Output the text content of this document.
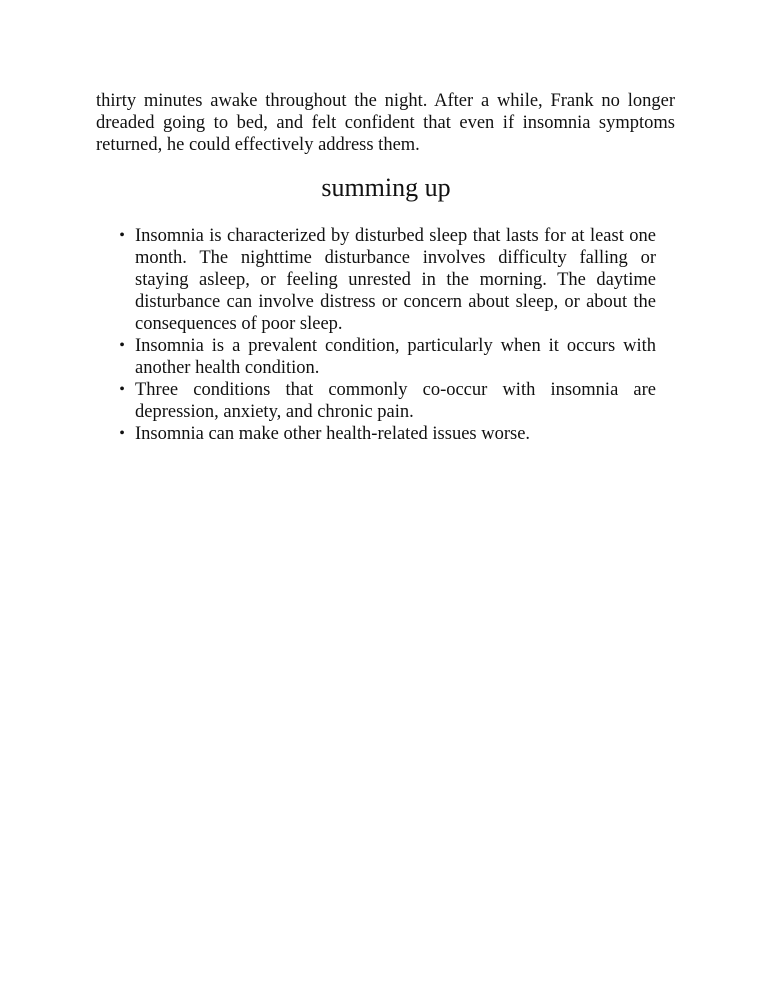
thirty minutes awake throughout the night. After a while, Frank no longer dreaded going to bed, and felt confident that even if insomnia symptoms returned, he could effectively address them.

summing up
• Insomnia is characterized by disturbed sleep that lasts for at least one month. The nighttime disturbance involves difficulty falling or staying asleep, or feeling unrested in the morning. The daytime disturbance can involve distress or concern about sleep, or about the consequences of poor sleep.
• Insomnia is a prevalent condition, particularly when it occurs with another health condition.
• Three conditions that commonly co-occur with insomnia are depression, anxiety, and chronic pain.
• Insomnia can make other health-related issues worse.
